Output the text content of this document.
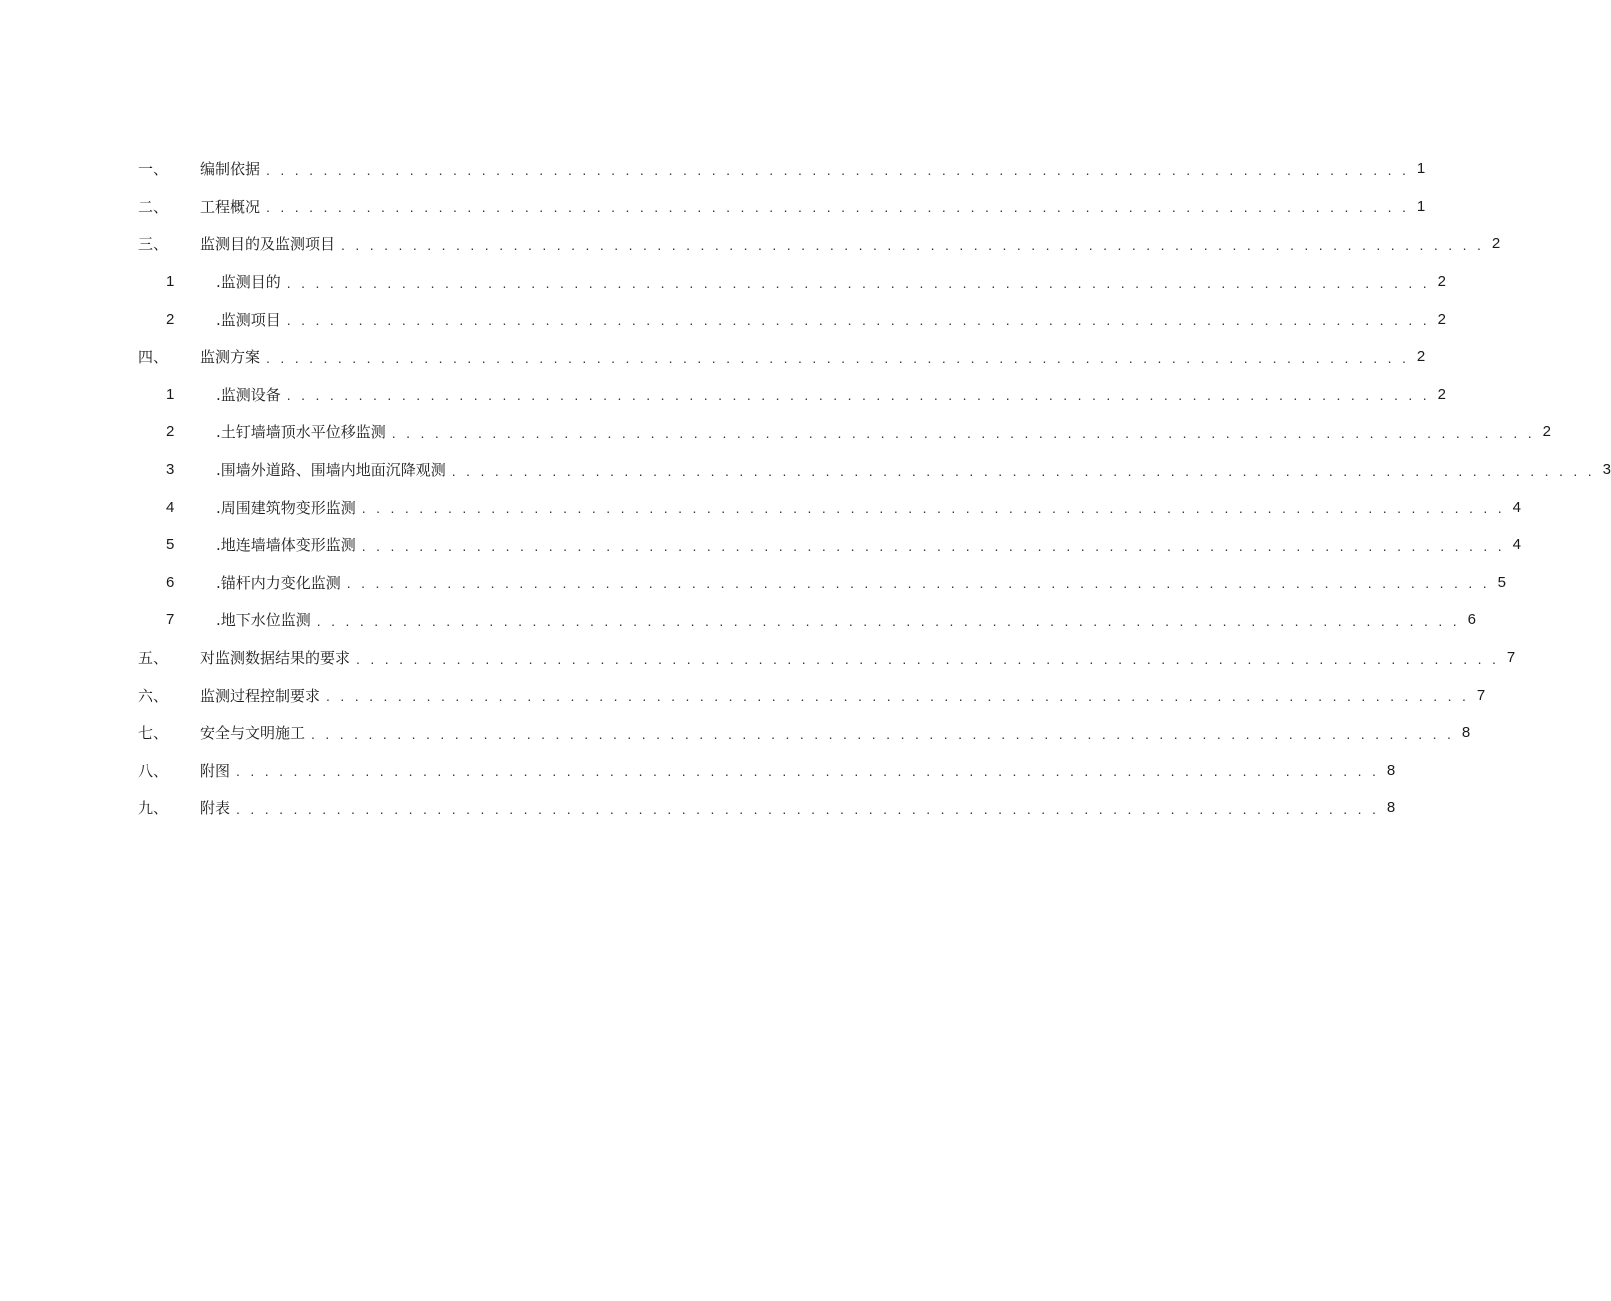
一、	编制依据 . . . . . . . . . . . . . . . . . . . . . . . . . . . . . . . . . . . . . . . . . . . . . . . . . . . . . . . . . . . . . . . . . . . . . . . . . . . . . . . . 1
二、	工程概况 . . . . . . . . . . . . . . . . . . . . . . . . . . . . . . . . . . . . . . . . . . . . . . . . . . . . . . . . . . . . . . . . . . . . . . . . . . . . . . . . 1
三、	监测目的及监测项目 . . . . . . . . . . . . . . . . . . . . . . . . . . . . . . . . . . . . . . . . . . . . . . . . . . . . . . . . . . . . . . . . . . . . . . . . . . . . . . . . 2
1	.监测目的 . . . . . . . . . . . . . . . . . . . . . . . . . . . . . . . . . . . . . . . . . . . . . . . . . . . . . . . . . . . . . . . . . . . . . . . . . . . . . . . . 2
2	.监测项目 . . . . . . . . . . . . . . . . . . . . . . . . . . . . . . . . . . . . . . . . . . . . . . . . . . . . . . . . . . . . . . . . . . . . . . . . . . . . . . . . 2
四、	监测方案 . . . . . . . . . . . . . . . . . . . . . . . . . . . . . . . . . . . . . . . . . . . . . . . . . . . . . . . . . . . . . . . . . . . . . . . . . . . . . . . . 2
1	.监测设备 . . . . . . . . . . . . . . . . . . . . . . . . . . . . . . . . . . . . . . . . . . . . . . . . . . . . . . . . . . . . . . . . . . . . . . . . . . . . . . . . 2
2	.土钉墙墙顶水平位移监测 . . . . . . . . . . . . . . . . . . . . . . . . . . . . . . . . . . . . . . . . . . . . . . . . . . . . . . . . . . . . . . . . . . . . . . . . . . . . . . . . 2
3	.围墙外道路、围墙内地面沉降观测 . . . . . . . . . . . . . . . . . . . . . . . . . . . . . . . . . . . . . . . . . . . . . . . . . . . . . . . . . . . . . . . . . . . . . . . . . . . . . . . . 3
4	.周围建筑物变形监测 . . . . . . . . . . . . . . . . . . . . . . . . . . . . . . . . . . . . . . . . . . . . . . . . . . . . . . . . . . . . . . . . . . . . . . . . . . . . . . . . 4
5	.地连墙墙体变形监测 . . . . . . . . . . . . . . . . . . . . . . . . . . . . . . . . . . . . . . . . . . . . . . . . . . . . . . . . . . . . . . . . . . . . . . . . . . . . . . . . 4
6	.锚杆内力变化监测 . . . . . . . . . . . . . . . . . . . . . . . . . . . . . . . . . . . . . . . . . . . . . . . . . . . . . . . . . . . . . . . . . . . . . . . . . . . . . . . . 5
7	.地下水位监测 . . . . . . . . . . . . . . . . . . . . . . . . . . . . . . . . . . . . . . . . . . . . . . . . . . . . . . . . . . . . . . . . . . . . . . . . . . . . . . . . 6
五、	对监测数据结果的要求 . . . . . . . . . . . . . . . . . . . . . . . . . . . . . . . . . . . . . . . . . . . . . . . . . . . . . . . . . . . . . . . . . . . . . . . . . . . . . . . . 7
六、	监测过程控制要求 . . . . . . . . . . . . . . . . . . . . . . . . . . . . . . . . . . . . . . . . . . . . . . . . . . . . . . . . . . . . . . . . . . . . . . . . . . . . . . . . 7
七、	安全与文明施工 . . . . . . . . . . . . . . . . . . . . . . . . . . . . . . . . . . . . . . . . . . . . . . . . . . . . . . . . . . . . . . . . . . . . . . . . . . . . . . . . 8
八、	附图 . . . . . . . . . . . . . . . . . . . . . . . . . . . . . . . . . . . . . . . . . . . . . . . . . . . . . . . . . . . . . . . . . . . . . . . . . . . . . . . . 8
九、	附表 . . . . . . . . . . . . . . . . . . . . . . . . . . . . . . . . . . . . . . . . . . . . . . . . . . . . . . . . . . . . . . . . . . . . . . . . . . . . . . . . 8
